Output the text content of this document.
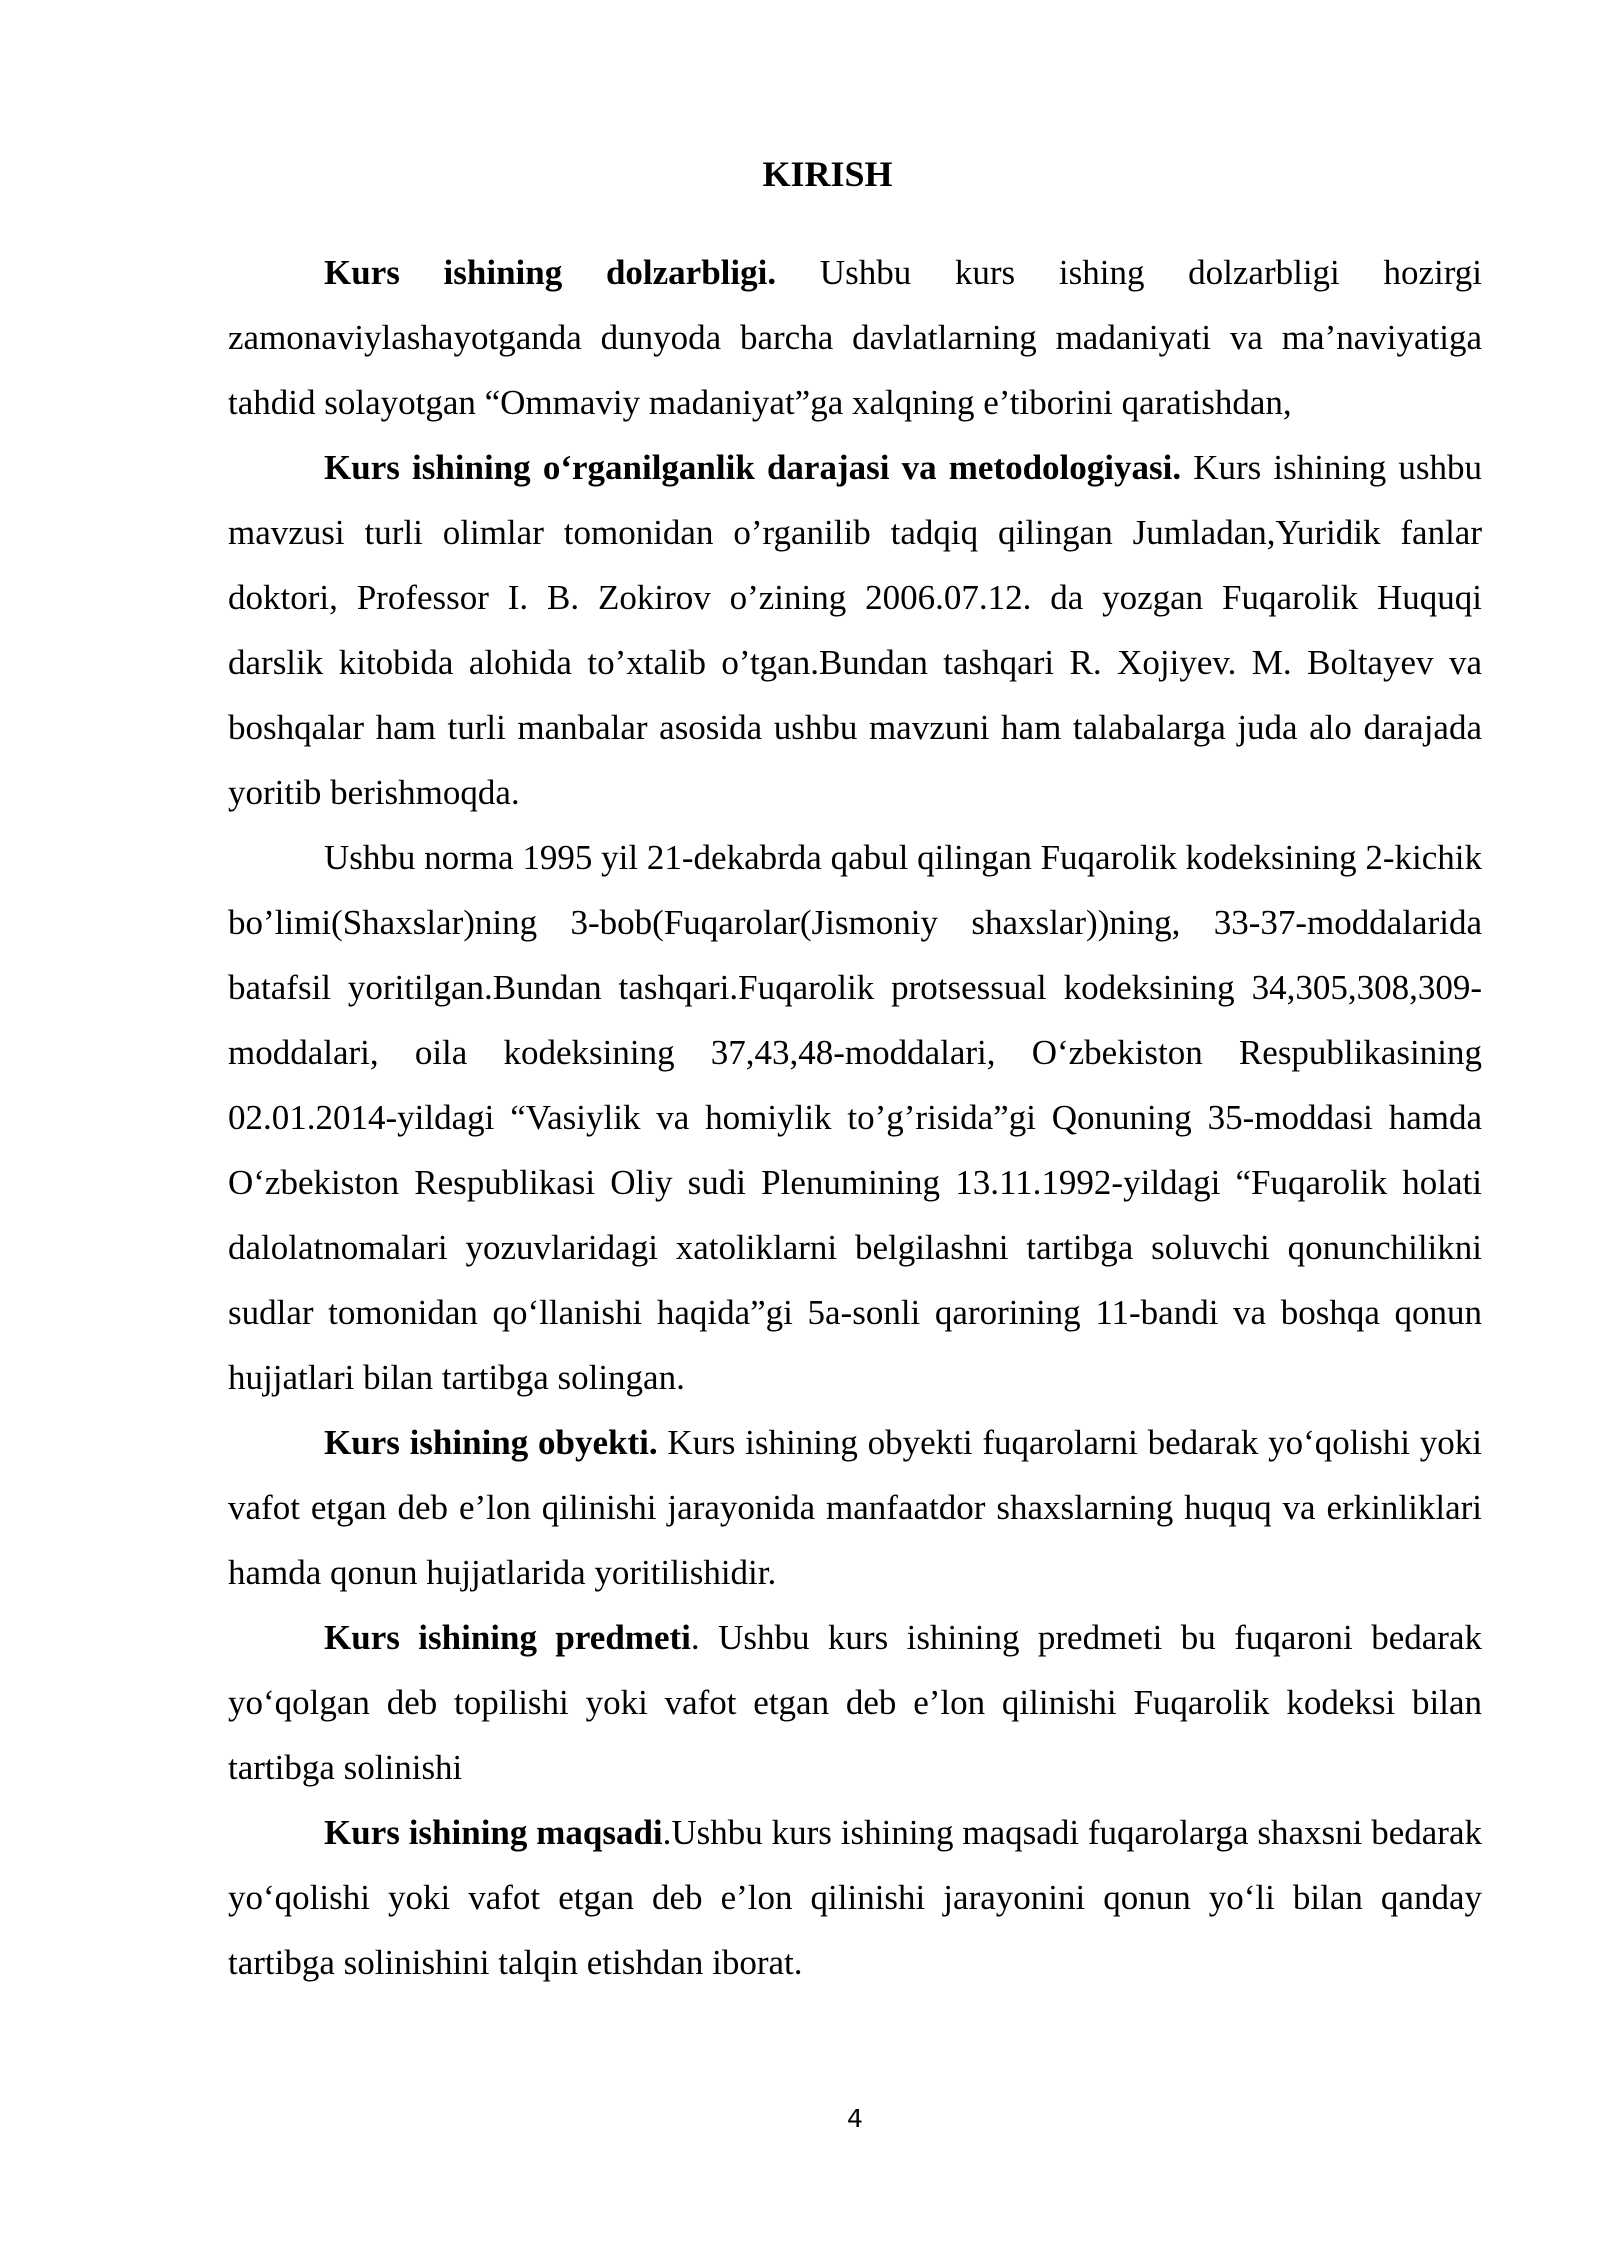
KIRISH

Kurs ishining dolzarbligi. Ushbu kurs ishing dolzarbligi hozirgi zamonaviylashayotganda dunyoda barcha davlatlarning madaniyati va ma’naviyatiga tahdid solayotgan “Ommaviy madaniyat”ga xalqning e’tiborini qaratishdan,

Kurs ishining o‘rganilganlik darajasi va metodologiyasi. Kurs ishining ushbu mavzusi turli olimlar tomonidan o’rganilib tadqiq qilingan Jumladan,Yuridik fanlar doktori, Professor I. B. Zokirov o’zining 2006.07.12. da yozgan Fuqarolik Huquqi darslik kitobida alohida to’xtalib o’tgan.Bundan tashqari R. Xojiyev. M. Boltayev va boshqalar ham turli manbalar asosida ushbu mavzuni ham talabalarga juda alo darajada yoritib berishmoqda.

Ushbu norma 1995 yil 21-dekabrda qabul qilingan Fuqarolik kodeksining 2-kichik bo’limi(Shaxslar)ning 3-bob(Fuqarolar(Jismoniy shaxslar))ning, 33-37-moddalarida batafsil yoritilgan.Bundan tashqari.Fuqarolik protsessual kodeksining 34,305,308,309-moddalari, oila kodeksining 37,43,48-moddalari, O‘zbekiston Respublikasining 02.01.2014-yildagi “Vasiylik va homiylik to’g’risida”gi Qonuning 35-moddasi hamda O‘zbekiston Respublikasi Oliy sudi Plenumining 13.11.1992-yildagi “Fuqarolik holati dalolatnomalari yozuvlaridagi xatoliklarni belgilashni tartibga soluvchi qonunchilikni sudlar tomonidan qo‘llanishi haqida”gi 5a-sonli qarorining 11-bandi va boshqa qonun hujjatlari bilan tartibga solingan.

Kurs ishining obyekti. Kurs ishining obyekti fuqarolarni bedarak yo‘qolishi yoki vafot etgan deb e’lon qilinishi jarayonida manfaatdor shaxslarning huquq va erkinliklari hamda qonun hujjatlarida yoritilishidir.

Kurs ishining predmeti. Ushbu kurs ishining predmeti bu fuqaroni bedarak yo‘qolgan deb topilishi yoki vafot etgan deb e’lon qilinishi Fuqarolik kodeksi bilan tartibga solinishi

Kurs ishining maqsadi.Ushbu kurs ishining maqsadi fuqarolarga shaxsni bedarak yo‘qolishi yoki vafot etgan deb e’lon qilinishi jarayonini qonun yo‘li bilan qanday tartibga solinishini talqin etishdan iborat.

4
